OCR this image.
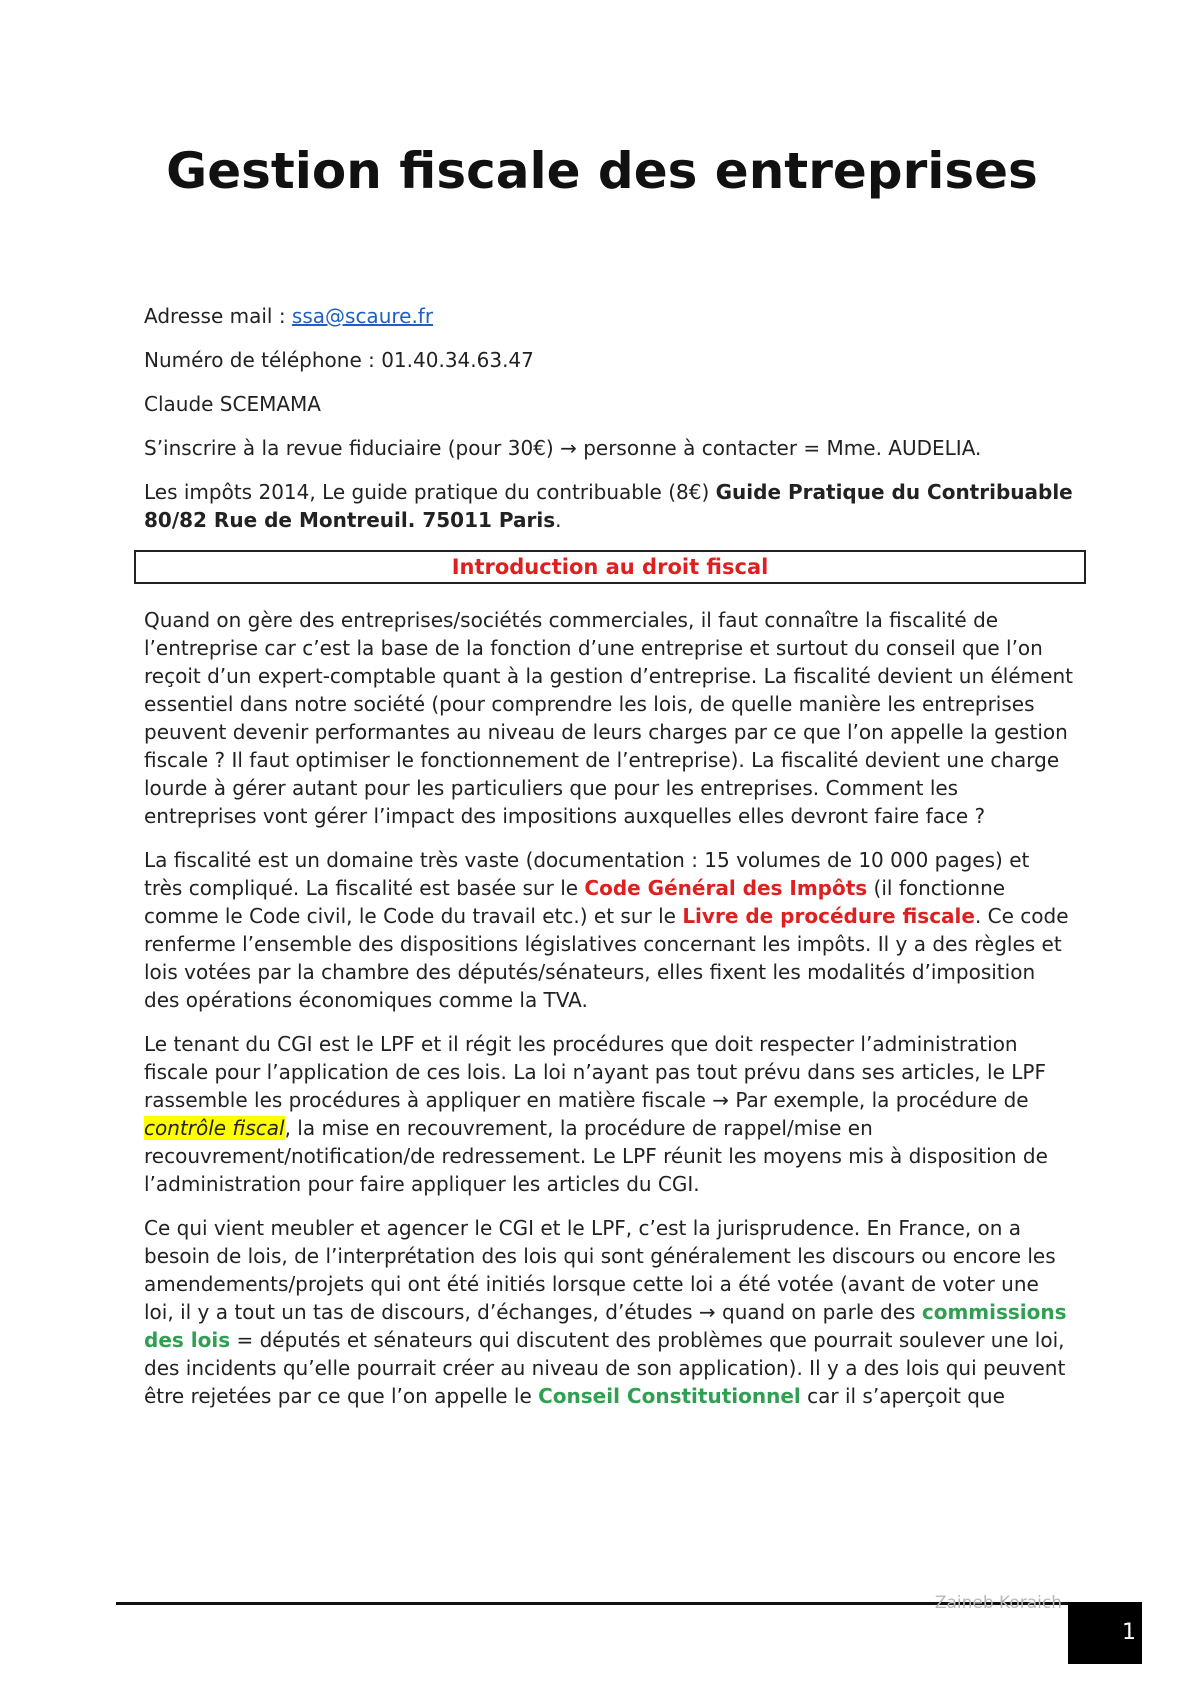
Gestion fiscale des entreprises

Adresse mail : ssa@scaure.fr

Numéro de téléphone : 01.40.34.63.47

Claude SCEMAMA

S’inscrire à la revue fiduciaire (pour 30€) → personne à contacter = Mme. AUDELIA.

Les impôts 2014, Le guide pratique du contribuable (8€) Guide Pratique du Contribuable 80/82 Rue de Montreuil. 75011 Paris.

Introduction au droit fiscal

Quand on gère des entreprises/sociétés commerciales, il faut connaître la fiscalité de l’entreprise car c’est la base de la fonction d’une entreprise et surtout du conseil que l’on reçoit d’un expert-comptable quant à la gestion d’entreprise. La fiscalité devient un élément essentiel dans notre société (pour comprendre les lois, de quelle manière les entreprises peuvent devenir performantes au niveau de leurs charges par ce que l’on appelle la gestion fiscale ? Il faut optimiser le fonctionnement de l’entreprise). La fiscalité devient une charge lourde à gérer autant pour les particuliers que pour les entreprises. Comment les entreprises vont gérer l’impact des impositions auxquelles elles devront faire face ?

La fiscalité est un domaine très vaste (documentation : 15 volumes de 10 000 pages) et très compliqué. La fiscalité est basée sur le Code Général des Impôts (il fonctionne comme le Code civil, le Code du travail etc.) et sur le Livre de procédure fiscale. Ce code renferme l’ensemble des dispositions législatives concernant les impôts. Il y a des règles et lois votées par la chambre des députés/sénateurs, elles fixent les modalités d’imposition des opérations économiques comme la TVA.

Le tenant du CGI est le LPF et il régit les procédures que doit respecter l’administration fiscale pour l’application de ces lois. La loi n’ayant pas tout prévu dans ses articles, le LPF rassemble les procédures à appliquer en matière fiscale → Par exemple, la procédure de contrôle fiscal, la mise en recouvrement, la procédure de rappel/mise en recouvrement/notification/de redressement. Le LPF réunit les moyens mis à disposition de l’administration pour faire appliquer les articles du CGI.

Ce qui vient meubler et agencer le CGI et le LPF, c’est la jurisprudence. En France, on a besoin de lois, de l’interprétation des lois qui sont généralement les discours ou encore les amendements/projets qui ont été initiés lorsque cette loi a été votée (avant de voter une loi, il y a tout un tas de discours, d’échanges, d’études → quand on parle des commissions des lois = députés et sénateurs qui discutent des problèmes que pourrait soulever une loi, des incidents qu’elle pourrait créer au niveau de son application). Il y a des lois qui peuvent être rejetées par ce que l’on appelle le Conseil Constitutionnel car il s’aperçoit que

Zaineb Koraich
1
